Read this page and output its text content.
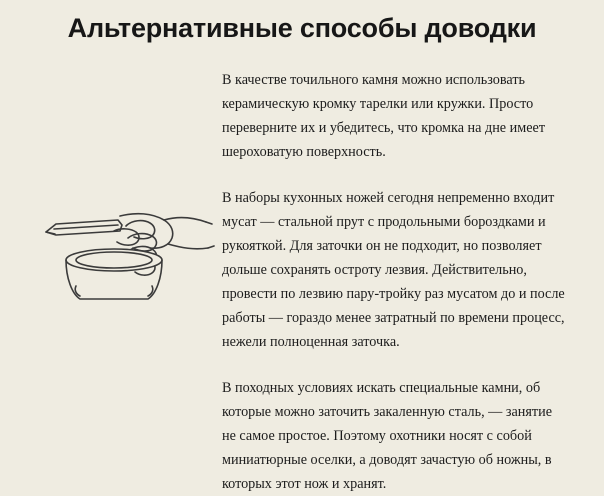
Альтернативные способы доводки

В качестве точильного камня можно использовать керамическую кромку тарелки или кружки. Просто переверните их и убедитесь, что кромка на дне имеет шероховатую поверхность.

В наборы кухонных ножей сегодня непременно входит мусат — стальной прут с продольными бороздками и рукояткой. Для заточки он не подходит, но позволяет дольше сохранять остроту лезвия. Действительно, провести по лезвию пару-тройку раз мусатом до и после работы — гораздо менее затратный по времени процесс, нежели полноценная заточка.

В походных условиях искать специальные камни, об которые можно заточить закаленную сталь, — занятие не самое простое. Поэтому охотники носят с собой миниатюрные оселки, а доводят зачастую об ножны, в которых этот нож и хранят.
